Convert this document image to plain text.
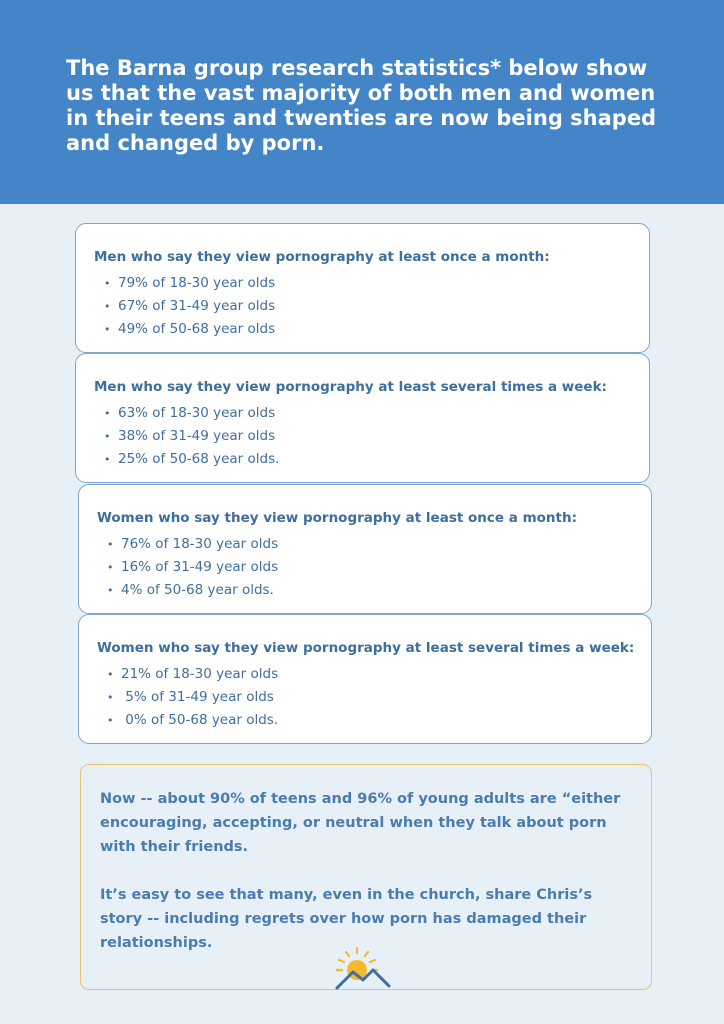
The Barna group research statistics* below show us that the vast majority of both men and women in their teens and twenties are now being shaped and changed by porn.

Men who say they view pornography at least once a month:
• 79% of 18-30 year olds
• 67% of 31-49 year olds
• 49% of 50-68 year olds
Men who say they view pornography at least several times a week:
• 63% of 18-30 year olds
• 38% of 31-49 year olds
• 25% of 50-68 year olds.
Women who say they view pornography at least once a month:
• 76% of 18-30 year olds
• 16% of 31-49 year olds
• 4% of 50-68 year olds.
Women who say they view pornography at least several times a week:
• 21% of 18-30 year olds
• 5% of 31-49 year olds
• 0% of 50-68 year olds.

Now -- about 90% of teens and 96% of young adults are “either encouraging, accepting, or neutral when they talk about porn with their friends.

It’s easy to see that many, even in the church, share Chris’s story -- including regrets over how porn has damaged their relationships.
